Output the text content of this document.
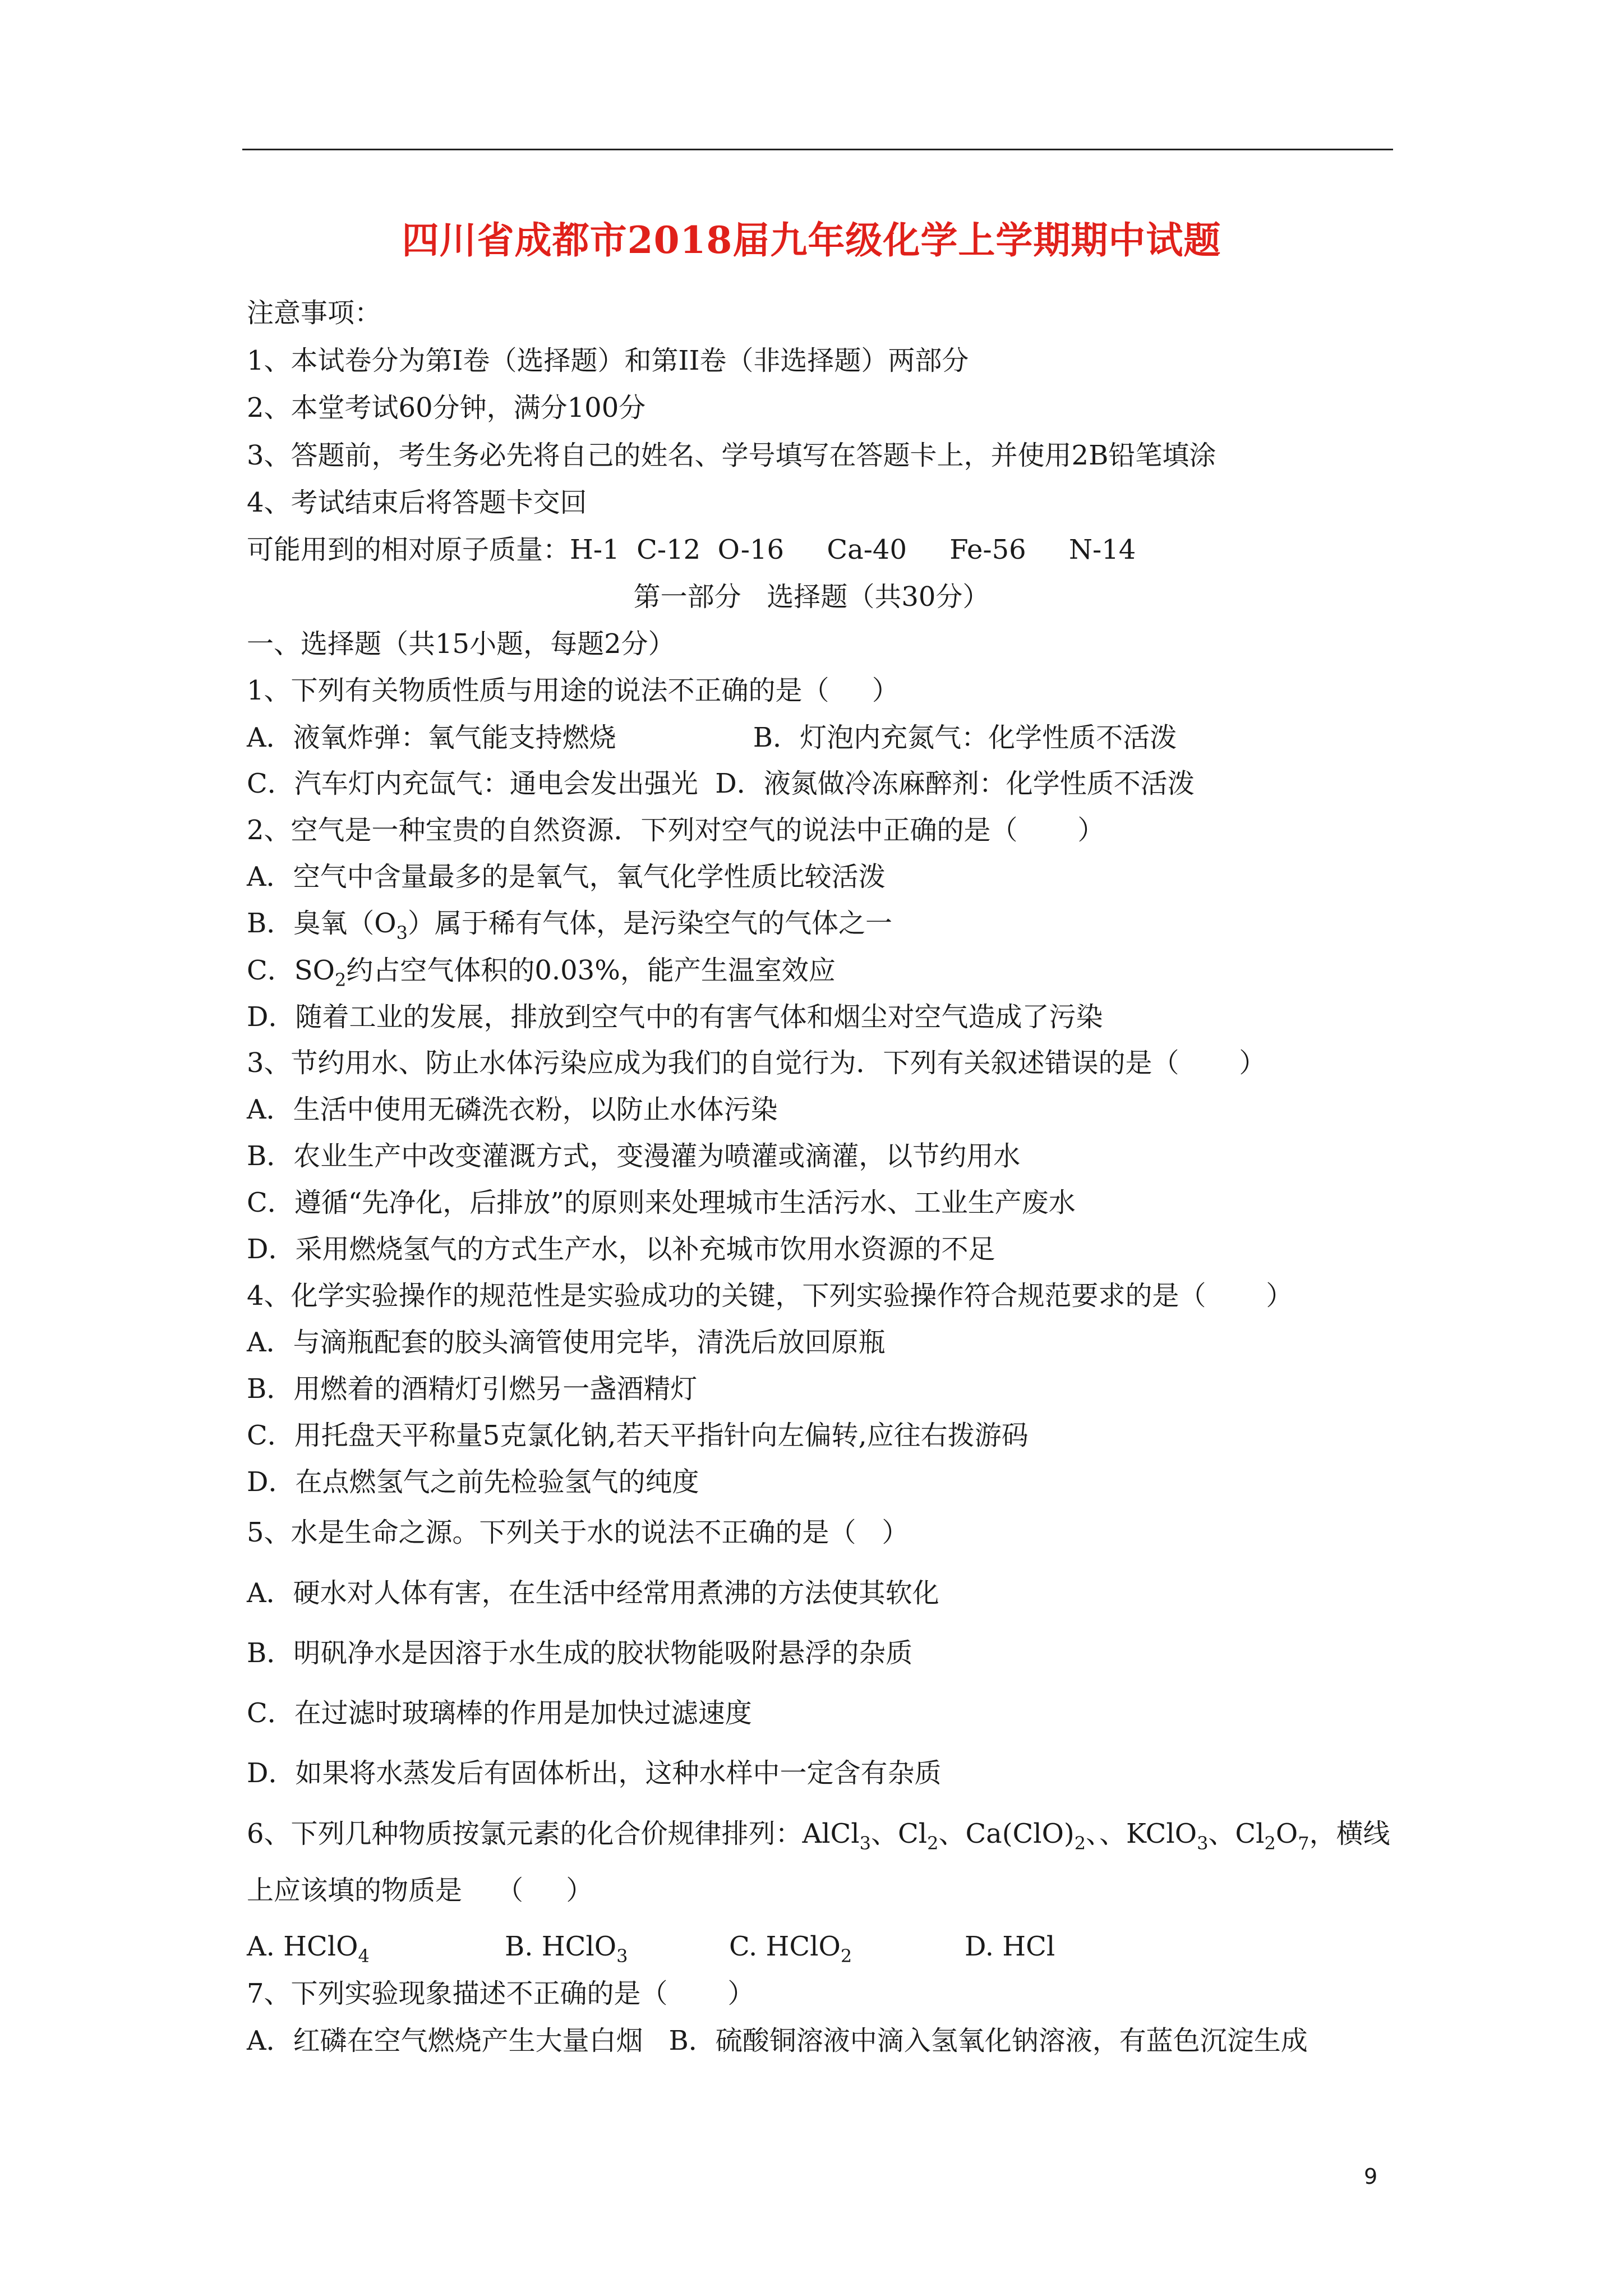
四川省成都市2018届九年级化学上学期期中试题
注意事项：
1、本试卷分为第I卷（选择题）和第II卷（非选择题）两部分
2、本堂考试60分钟，满分100分
3、答题前，考生务必先将自己的姓名、学号填写在答题卡上，并使用2B铅笔填涂
4、考试结束后将答题卡交回
可能用到的相对原子质量：H-1  C-12  O-16     Ca-40     Fe-56     N-14
第一部分   选择题（共30分）
一、选择题（共15小题，每题2分）
1、下列有关物质性质与用途的说法不正确的是（     ）
A．液氧炸弹：氧气能支持燃烧                B．灯泡内充氮气：化学性质不活泼
C．汽车灯内充氙气：通电会发出强光  D．液氮做冷冻麻醉剂：化学性质不活泼
2、空气是一种宝贵的自然资源．下列对空气的说法中正确的是（       ）
A．空气中含量最多的是氧气，氧气化学性质比较活泼
B．臭氧$(O_3)$属于稀有气体，是污染空气的气体之一
C．$SO_2$约占空气体积的0.03%，能产生温室效应
D．随着工业的发展，排放到空气中的有害气体和烟尘对空气造成了污染
3、节约用水、防止水体污染应成为我们的自觉行为．下列有关叙述错误的是（       ）
A．生活中使用无磷洗衣粉，以防止水体污染
B．农业生产中改变灌溉方式，变漫灌为喷灌或滴灌，以节约用水
C．遵循“先净化，后排放”的原则来处理城市生活污水、工业生产废水
D．采用燃烧氢气的方式生产水，以补充城市饮用水资源的不足
4、化学实验操作的规范性是实验成功的关键，下列实验操作符合规范要求的是（       ）
A．与滴瓶配套的胶头滴管使用完毕，清洗后放回原瓶
B．用燃着的酒精灯引燃另一盏酒精灯
C．用托盘天平称量5克氯化钠,若天平指针向左偏转,应往右拨游码
D．在点燃氢气之前先检验氢气的纯度
5、水是生命之源。下列关于水的说法不正确的是（   ）
A．硬水对人体有害，在生活中经常用煮沸的方法使其软化
B．明矾净水是因溶于水生成的胶状物能吸附悬浮的杂质
C．在过滤时玻璃棒的作用是加快过滤速度
D．如果将水蒸发后有固体析出，这种水样中一定含有杂质
6、下列几种物质按氯元素的化合价规律排列：AlCl$_3$、$Cl_2$、$Ca(ClO)_2$、、KClO$_3$、$Cl_2O_7$，横线
上应该填的物质是    （     ）
A. HClO$_4$	B. HClO$_3$	C. HClO$_2$	D. HCl
7、下列实验现象描述不正确的是（       ）
A．红磷在空气燃烧产生大量白烟   B．硫酸铜溶液中滴入氢氧化钠溶液，有蓝色沉淀生成
9
